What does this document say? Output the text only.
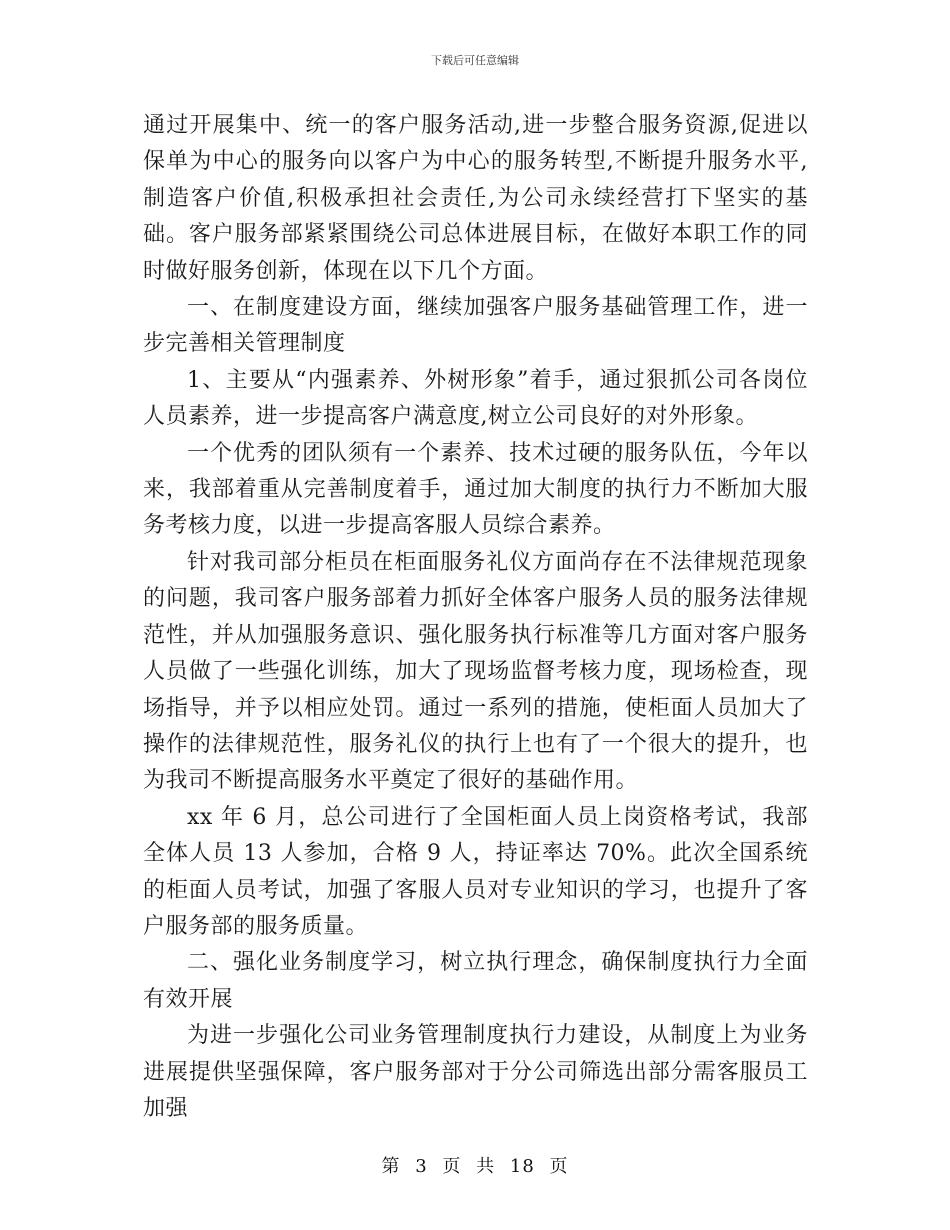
下载后可任意编辑

通过开展集中、统一的客户服务活动,进一步整合服务资源,促进以保单为中心的服务向以客户为中心的服务转型,不断提升服务水平,制造客户价值,积极承担社会责任,为公司永续经营打下坚实的基础。客户服务部紧紧围绕公司总体进展目标，在做好本职工作的同时做好服务创新，体现在以下几个方面。

一、在制度建设方面，继续加强客户服务基础管理工作，进一步完善相关管理制度

1、主要从“内强素养、外树形象”着手，通过狠抓公司各岗位人员素养，进一步提高客户满意度,树立公司良好的对外形象。

一个优秀的团队须有一个素养、技术过硬的服务队伍，今年以来，我部着重从完善制度着手，通过加大制度的执行力不断加大服务考核力度，以进一步提高客服人员综合素养。

针对我司部分柜员在柜面服务礼仪方面尚存在不法律规范现象的问题，我司客户服务部着力抓好全体客户服务人员的服务法律规范性，并从加强服务意识、强化服务执行标准等几方面对客户服务人员做了一些强化训练，加大了现场监督考核力度，现场检查，现场指导，并予以相应处罚。通过一系列的措施，使柜面人员加大了操作的法律规范性，服务礼仪的执行上也有了一个很大的提升，也为我司不断提高服务水平奠定了很好的基础作用。

xx 年 6 月，总公司进行了全国柜面人员上岗资格考试，我部全体人员 13 人参加，合格 9 人，持证率达 70%。此次全国系统的柜面人员考试，加强了客服人员对专业知识的学习，也提升了客户服务部的服务质量。

二、强化业务制度学习，树立执行理念，确保制度执行力全面有效开展

为进一步强化公司业务管理制度执行力建设，从制度上为业务进展提供坚强保障，客户服务部对于分公司筛选出部分需客服员工加强

第 3 页 共 18 页
